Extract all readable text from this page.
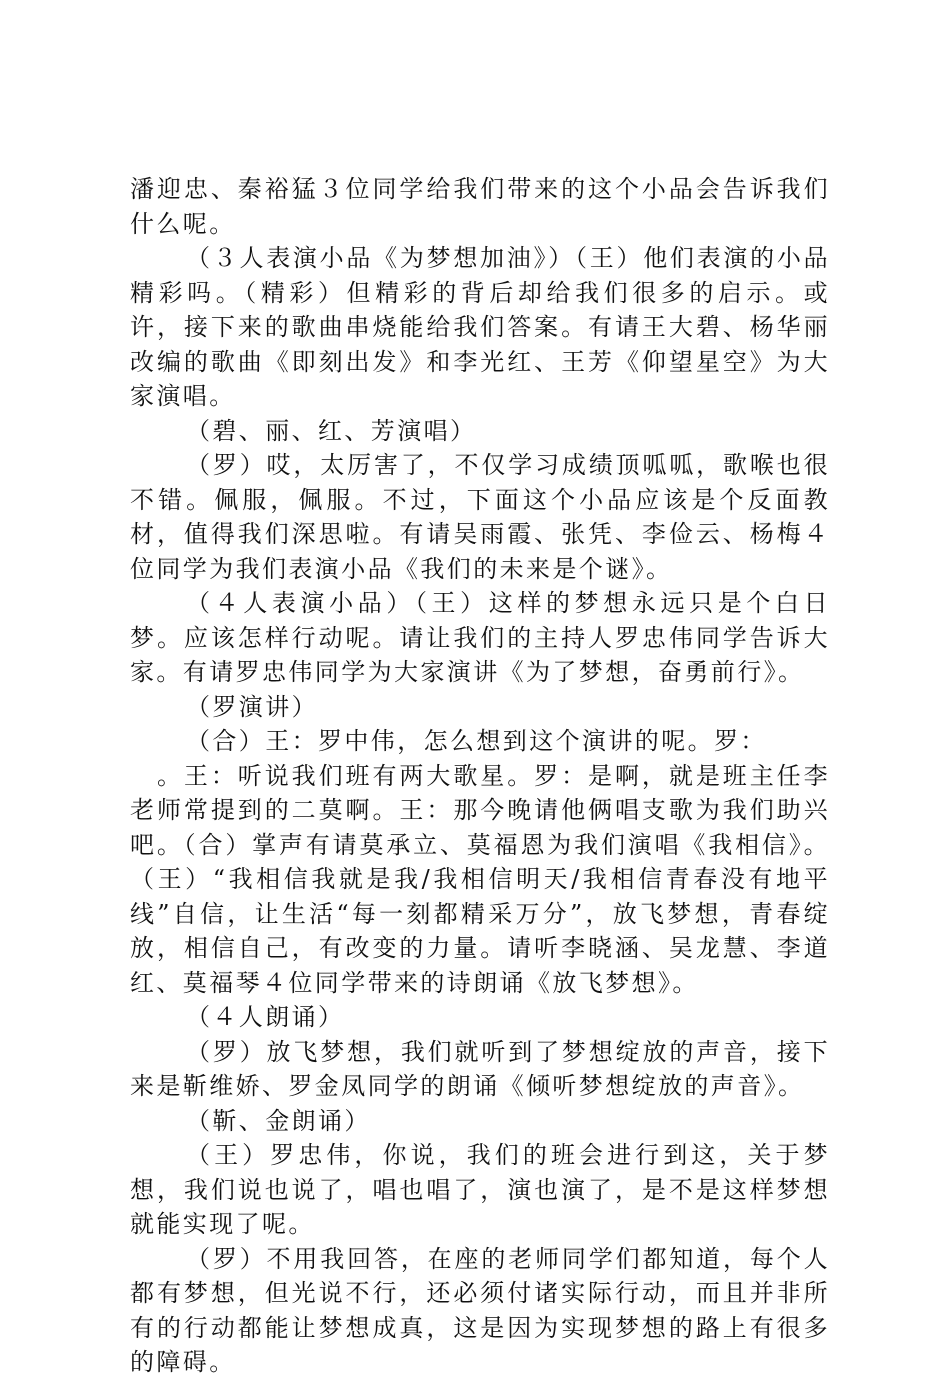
潘迎忠、秦裕猛３位同学给我们带来的这个小品会告诉我们什么呢。

（３人表演小品《为梦想加油》）（王）他们表演的小品精彩吗。（精彩）但精彩的背后却给我们很多的启示。或许，接下来的歌曲串烧能给我们答案。有请王大碧、杨华丽改编的歌曲《即刻出发》和李光红、王芳《仰望星空》为大家演唱。

（碧、丽、红、芳演唱）

（罗）哎，太厉害了，不仅学习成绩顶呱呱，歌喉也很不错。佩服，佩服。不过，下面这个小品应该是个反面教材，值得我们深思啦。有请吴雨霞、张凭、李俭云、杨梅４位同学为我们表演小品《我们的未来是个谜》。

（４人表演小品）（王）这样的梦想永远只是个白日梦。应该怎样行动呢。请让我们的主持人罗忠伟同学告诉大家。有请罗忠伟同学为大家演讲《为了梦想，奋勇前行》。

（罗演讲）

（合）王：罗中伟，怎么想到这个演讲的呢。罗：

　。王：听说我们班有两大歌星。罗：是啊，就是班主任李老师常提到的二莫啊。王：那今晚请他俩唱支歌为我们助兴吧。（合）掌声有请莫承立、莫福恩为我们演唱《我相信》。（王）“我相信我就是我/我相信明天/我相信青春没有地平线”自信，让生活“每一刻都精采万分”，放飞梦想，青春绽放，相信自己，有改变的力量。请听李晓涵、吴龙慧、李道红、莫福琴４位同学带来的诗朗诵《放飞梦想》。

（４人朗诵）

（罗）放飞梦想，我们就听到了梦想绽放的声音，接下来是靳维娇、罗金凤同学的朗诵《倾听梦想绽放的声音》。

（靳、金朗诵）

（王）罗忠伟，你说，我们的班会进行到这，关于梦想，我们说也说了，唱也唱了，演也演了，是不是这样梦想就能实现了呢。

（罗）不用我回答，在座的老师同学们都知道，每个人都有梦想，但光说不行，还必须付诸实际行动，而且并非所有的行动都能让梦想成真，这是因为实现梦想的路上有很多的障碍。
